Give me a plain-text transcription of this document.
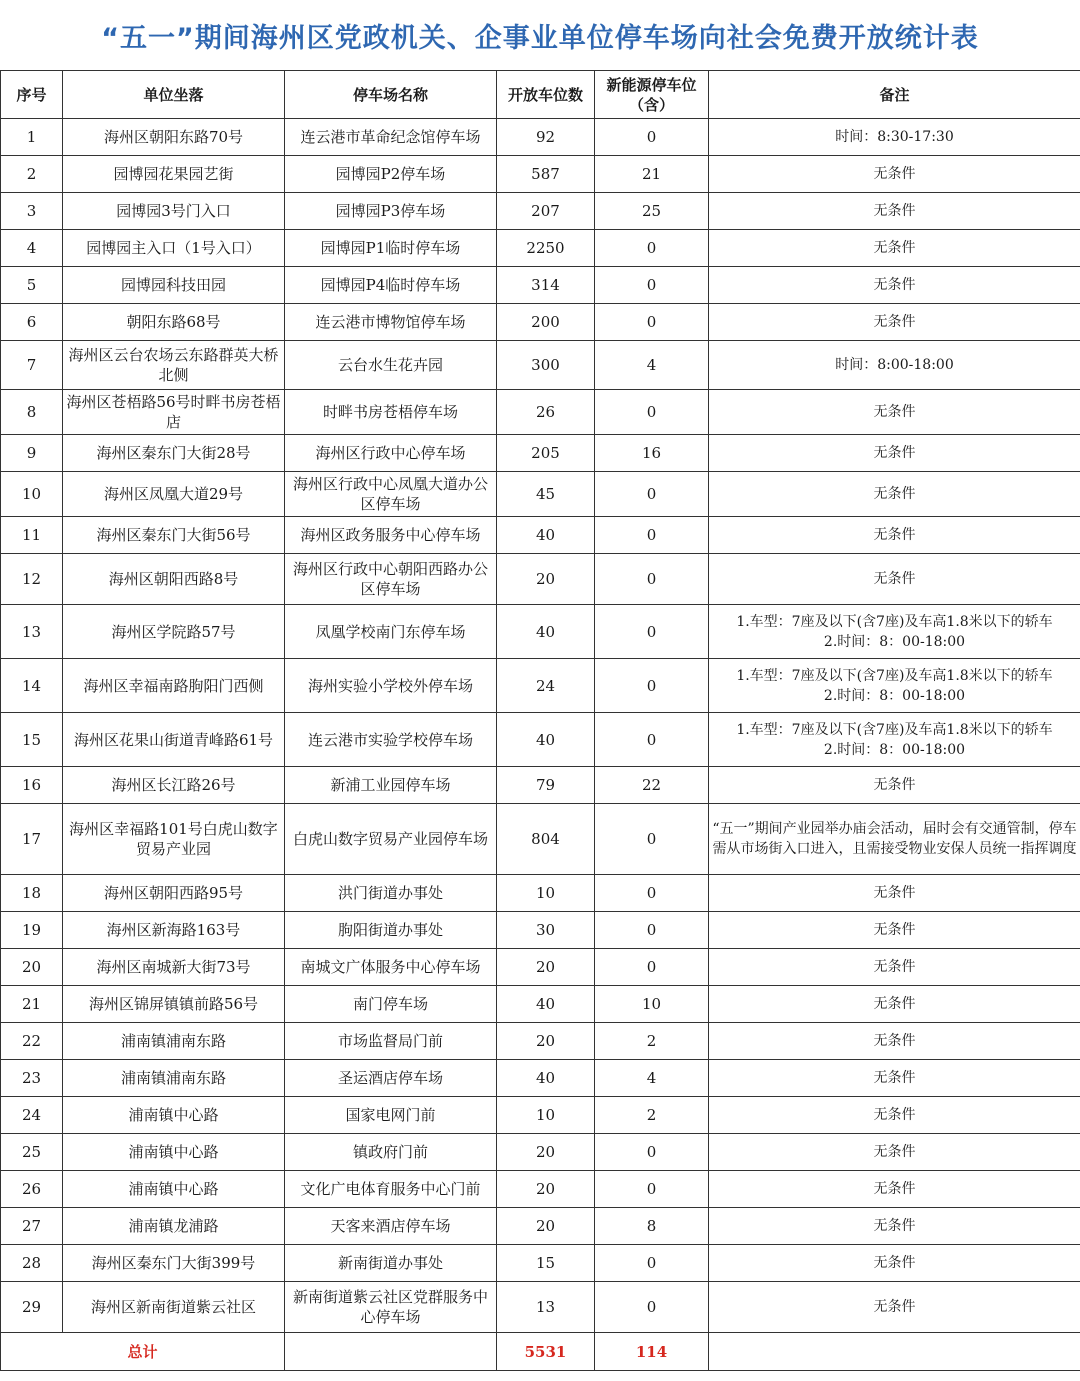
“五一”期间海州区党政机关、企事业单位停车场向社会免费开放统计表
序号	单位坐落	停车场名称	开放车位数	新能源停车位（含）	备注
1	海州区朝阳东路70号	连云港市革命纪念馆停车场	92	0	时间：8:30-17:30
2	园博园花果园艺街	园博园P2停车场	587	21	无条件
3	园博园3号门入口	园博园P3停车场	207	25	无条件
4	园博园主入口（1号入口）	园博园P1临时停车场	2250	0	无条件
5	园博园科技田园	园博园P4临时停车场	314	0	无条件
6	朝阳东路68号	连云港市博物馆停车场	200	0	无条件
7	海州区云台农场云东路群英大桥北侧	云台水生花卉园	300	4	时间：8:00-18:00
8	海州区苍梧路56号时畔书房苍梧店	时畔书房苍梧停车场	26	0	无条件
9	海州区秦东门大街28号	海州区行政中心停车场	205	16	无条件
10	海州区凤凰大道29号	海州区行政中心凤凰大道办公区停车场	45	0	无条件
11	海州区秦东门大街56号	海州区政务服务中心停车场	40	0	无条件
12	海州区朝阳西路8号	海州区行政中心朝阳西路办公区停车场	20	0	无条件
13	海州区学院路57号	凤凰学校南门东停车场	40	0	1.车型：7座及以下(含7座)及车高1.8米以下的轿车
2.时间：8：00-18:00

14	海州区幸福南路朐阳门西侧	海州实验小学校外停车场	24	0	1.车型：7座及以下(含7座)及车高1.8米以下的轿车
2.时间：8：00-18:00

15	海州区花果山街道青峰路61号	连云港市实验学校停车场	40	0	1.车型：7座及以下(含7座)及车高1.8米以下的轿车
2.时间：8：00-18:00

16	海州区长江路26号	新浦工业园停车场	79	22	无条件
17	海州区幸福路101号白虎山数字贸易产业园	白虎山数字贸易产业园停车场	804	0	“五一”期间产业园举办庙会活动，届时会有交通管制，停车需从市场街入口进入，且需接受物业安保人员统一指挥调度
18	海州区朝阳西路95号	洪门街道办事处	10	0	无条件
19	海州区新海路163号	朐阳街道办事处	30	0	无条件
20	海州区南城新大街73号	南城文广体服务中心停车场	20	0	无条件
21	海州区锦屏镇镇前路56号	南门停车场	40	10	无条件
22	浦南镇浦南东路	市场监督局门前	20	2	无条件
23	浦南镇浦南东路	圣运酒店停车场	40	4	无条件
24	浦南镇中心路	国家电网门前	10	2	无条件
25	浦南镇中心路	镇政府门前	20	0	无条件
26	浦南镇中心路	文化广电体育服务中心门前	20	0	无条件
27	浦南镇龙浦路	天客来酒店停车场	20	8	无条件
28	海州区秦东门大街399号	新南街道办事处	15	0	无条件
29	海州区新南街道紫云社区	新南街道紫云社区党群服务中心停车场	13	0	无条件
总计			5531	114	
